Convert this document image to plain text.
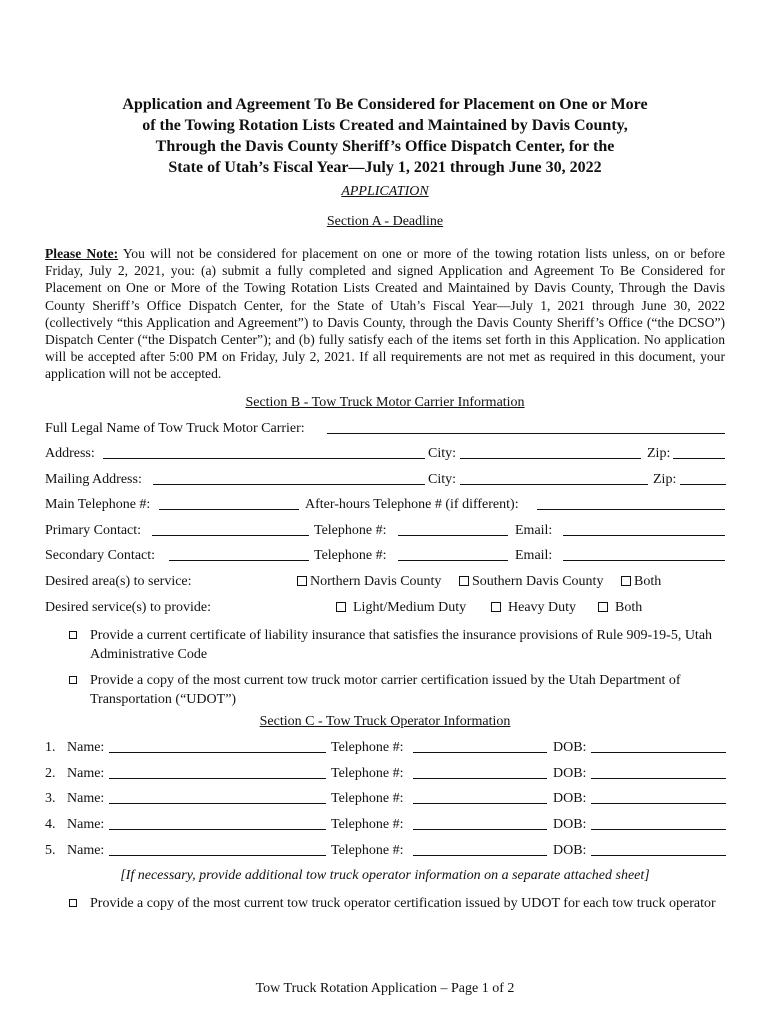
Application and Agreement To Be Considered for Placement on One or More
of the Towing Rotation Lists Created and Maintained by Davis County,
Through the Davis County Sheriff’s Office Dispatch Center, for the
State of Utah’s Fiscal Year—July 1, 2021 through June 30, 2022
APPLICATION
Section A - Deadline
Please Note: You will not be considered for placement on one or more of the towing rotation lists unless, on or before Friday, July 2, 2021, you: (a) submit a fully completed and signed Application and Agreement To Be Considered for Placement on One or More of the Towing Rotation Lists Created and Maintained by Davis County, Through the Davis County Sheriff’s Office Dispatch Center, for the State of Utah’s Fiscal Year—July 1, 2021 through June 30, 2022 (collectively “this Application and Agreement”) to Davis County, through the Davis County Sheriff’s Office (“the DCSO”) Dispatch Center (“the Dispatch Center”); and (b) fully satisfy each of the items set forth in this Application. No application will be accepted after 5:00 PM on Friday, July 2, 2021. If all requirements are not met as required in this document, your application will not be accepted.
Section B - Tow Truck Motor Carrier Information
Full Legal Name of Tow Truck Motor Carrier:
Address:	City:	Zip:
Mailing Address:	City:	Zip:
Main Telephone #:	After-hours Telephone # (if different):
Primary Contact:	Telephone #:	Email:
Secondary Contact:	Telephone #:	Email:
Desired area(s) to service:	Northern Davis County	Southern Davis County	Both
Desired service(s) to provide:	Light/Medium Duty	Heavy Duty	Both
Provide a current certificate of liability insurance that satisfies the insurance provisions of Rule 909-19-5, Utah Administrative Code
Provide a copy of the most current tow truck motor carrier certification issued by the Utah Department of Transportation (“UDOT”)
Section C - Tow Truck Operator Information
1. Name:	Telephone #:	DOB:
2. Name:	Telephone #:	DOB:
3. Name:	Telephone #:	DOB:
4. Name:	Telephone #:	DOB:
5. Name:	Telephone #:	DOB:
[If necessary, provide additional tow truck operator information on a separate attached sheet]
Provide a copy of the most current tow truck operator certification issued by UDOT for each tow truck operator
Tow Truck Rotation Application – Page 1 of 2
